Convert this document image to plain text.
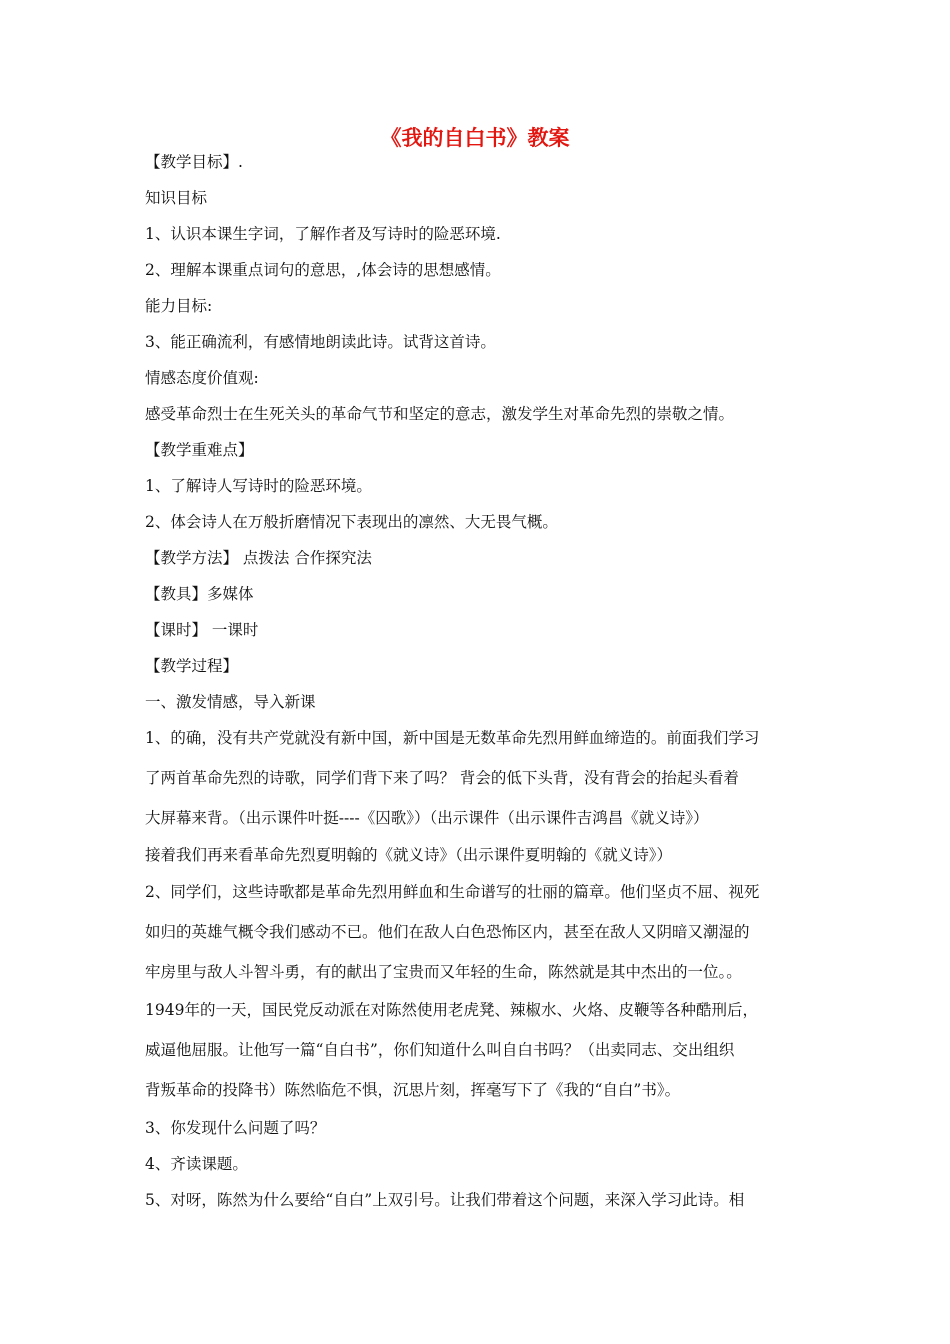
《我的自白书》教案
【教学目标】.
知识目标
1、认识本课生字词，了解作者及写诗时的险恶环境.
2、理解本课重点词句的意思，,体会诗的思想感情。
能力目标:
3、能正确流利，有感情地朗读此诗。试背这首诗。
情感态度价值观:
感受革命烈士在生死关头的革命气节和坚定的意志，激发学生对革命先烈的崇敬之情。
【教学重难点】
1、了解诗人写诗时的险恶环境。
2、体会诗人在万般折磨情况下表现出的凛然、大无畏气概。
【教学方法】 点拨法 合作探究法
【教具】多媒体
【课时】 一课时
【教学过程】
一、激发情感，导入新课
1、的确，没有共产党就没有新中国，新中国是无数革命先烈用鲜血缔造的。前面我们学习
了两首革命先烈的诗歌，同学们背下来了吗？ 背会的低下头背，没有背会的抬起头看着
大屏幕来背。（出示课件叶挺----《囚歌》）（出示课件（出示课件吉鸿昌《就义诗》）
接着我们再来看革命先烈夏明翰的《就义诗》（出示课件夏明翰的《就义诗》）
2、同学们，这些诗歌都是革命先烈用鲜血和生命谱写的壮丽的篇章。他们坚贞不屈、视死
如归的英雄气概令我们感动不已。他们在敌人白色恐怖区内，甚至在敌人又阴暗又潮湿的
牢房里与敌人斗智斗勇，有的献出了宝贵而又年轻的生命，陈然就是其中杰出的一位。。
1949年的一天，国民党反动派在对陈然使用老虎凳、辣椒水、火烙、皮鞭等各种酷刑后，
威逼他屈服。让他写一篇“自白书”，你们知道什么叫自白书吗？（出卖同志、交出组织
背叛革命的投降书）陈然临危不惧，沉思片刻，挥毫写下了《我的“自白”书》。
3、你发现什么问题了吗？
4、齐读课题。
5、对呀，陈然为什么要给“自白”上双引号。让我们带着这个问题，来深入学习此诗。相
